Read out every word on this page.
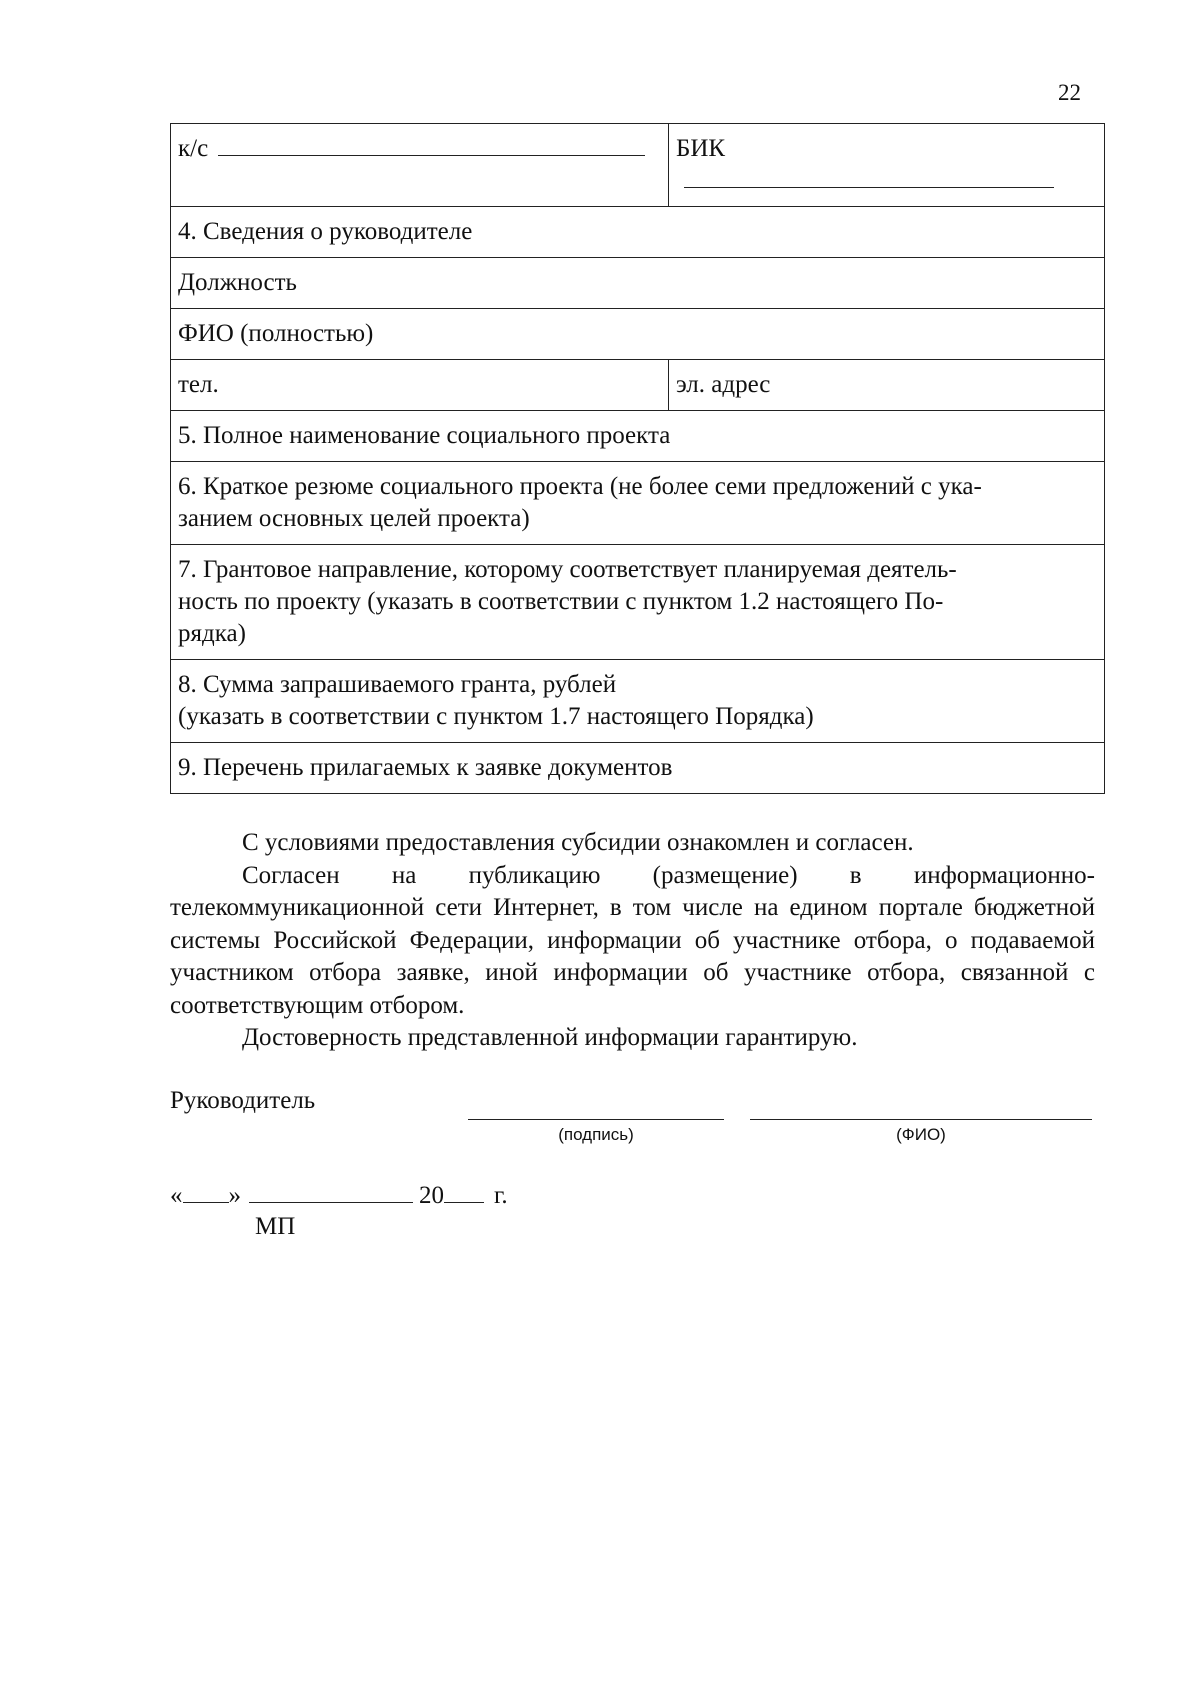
22
к/с	БИК
4. Сведения о руководителе	
Должность	
ФИО (полностью)	
тел.	эл. адрес
5. Полное наименование социального проекта	

6. Краткое резюме социального проекта (не более семи предложений с ука-
занием основных целей проекта)	

7. Грантовое направление, которому соответствует планируемая деятель-
ность по проекту (указать в соответствии с пунктом 1.2 настоящего По-
рядка)	

8. Сумма запрашиваемого гранта, рублей
(указать в соответствии с пунктом 1.7 настоящего Порядка)	

9. Перечень прилагаемых к заявке документов	

С условиями предоставления субсидии ознакомлен и согласен.

Согласен на публикацию (размещение) в информационно-телекоммуникационной сети Интернет, в том числе на едином портале бюджетной системы Российской Федерации, информации об участнике отбора, о подаваемой участником отбора заявке, иной информации об участнике отбора, связанной с соответствующим отбором.

Достоверность представленной информации гарантирую.

Руководитель
(подпись)	(ФИО)
« »	20 г.
МП
